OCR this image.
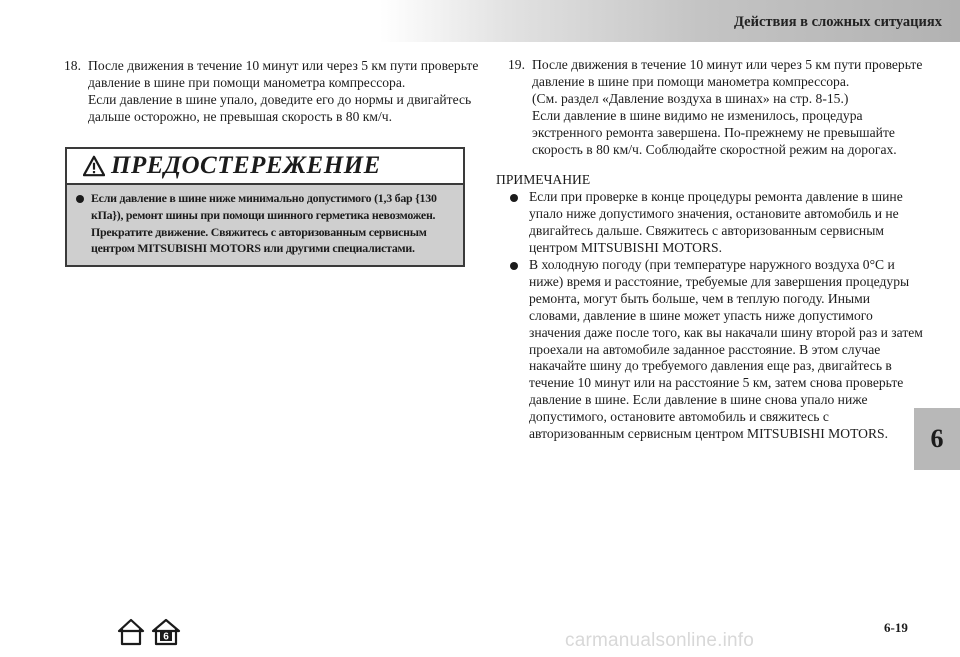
Действия в сложных ситуациях
18. После движения в течение 10 минут или через 5 км пути проверьте давление в шине при помощи манометра компрессора.

Если давление в шине упало, доведите его до нормы и двигайтесь дальше осторожно, не превышая скорость в 80 км/ч.

ПРЕДОСТЕРЕЖЕНИЕ
Если давление в шине ниже минимально допустимого (1,3 бар {130 кПа}), ремонт шины при помощи шинного герметика невозможен. Прекратите движение. Свяжитесь с авторизованным сервисным центром MITSUBISHI MOTORS или другими специалистами.
19. После движения в течение 10 минут или через 5 км пути проверьте давление в шине при помощи манометра компрессора.

(См. раздел «Давление воздуха в шинах» на стр. 8-15.)

Если давление в шине видимо не изменилось, процедура экстренного ремонта завершена. По-прежнему не превышайте скорость в 80 км/ч. Соблюдайте скоростной режим на дорогах.

ПРИМЕЧАНИЕ

Если при проверке в конце процедуры ремонта давление в шине упало ниже допустимого значения, остановите автомобиль и не двигайтесь дальше. Свяжитесь с авторизованным сервисным центром MITSUBISHI MOTORS.

В холодную погоду (при температуре наружного воздуха 0°С и ниже) время и расстояние, требуемые для завершения процедуры ремонта, могут быть больше, чем в теплую погоду. Иными словами, давление в шине может упасть ниже допустимого значения даже после того, как вы накачали шину второй раз и затем проехали на автомобиле заданное расстояние. В этом случае накачайте шину до требуемого давления еще раз, двигайтесь в течение 10 минут или на расстояние 5 км, затем снова проверьте давление в шине. Если давление в шине снова упало ниже допустимого, остановите автомобиль и свяжитесь с авторизованным сервисным центром MITSUBISHI MOTORS.	6
6
6-19
carmanualsonline.info
